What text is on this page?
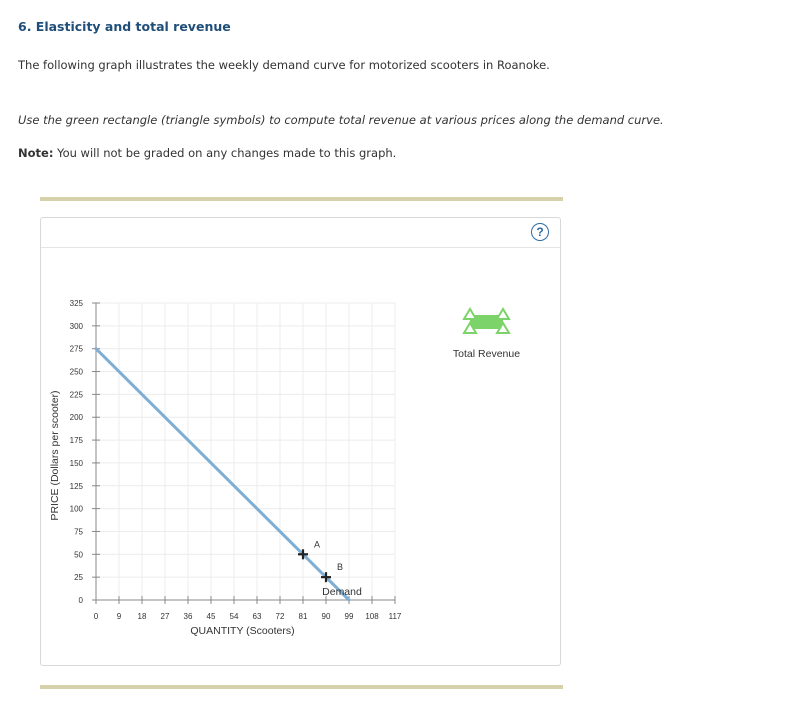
6. Elasticity and total revenue
The following graph illustrates the weekly demand curve for motorized scooters in Roanoke.
Use the green rectangle (triangle symbols) to compute total revenue at various prices along the demand curve.
Note: You will not be graded on any changes made to this graph.
?
0
25
50
75
100
125
150
175
200
225
250
275
300
325
0 9 18 27 36 45 54 63 72 81 90 99 108 117
QUANTITY (Scooters)
PRICE (Dollars per scooter)
Demand
A
B
Total Revenue
